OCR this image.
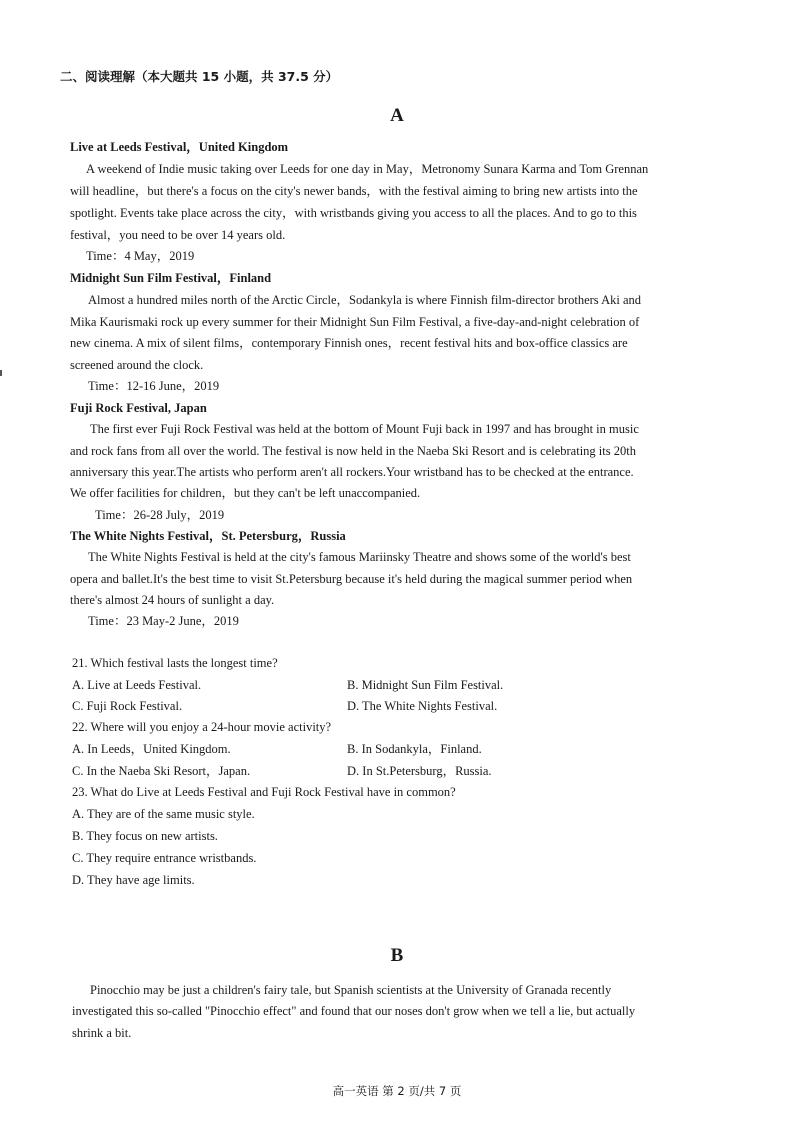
二、阅读理解（本大题共 15 小题，共 37.5 分）
A
Live at Leeds Festival，United Kingdom
A weekend of Indie music taking over Leeds for one day in May，Metronomy Sunara Karma and Tom Grennan
will headline，but there's a focus on the city's newer bands，with the festival aiming to bring new artists into the
spotlight. Events take place across the city，with wristbands giving you access to all the places. And to go to this
festival，you need to be over 14 years old.
Time：4 May，2019
Midnight Sun Film Festival，Finland
Almost a hundred miles north of the Arctic Circle，Sodankyla is where Finnish film-director brothers Aki and
Mika Kaurismaki rock up every summer for their Midnight Sun Film Festival, a five-day-and-night celebration of
new cinema. A mix of silent films，contemporary Finnish ones，recent festival hits and box-office classics are
screened around the clock.
Time：12-16 June，2019
Fuji Rock Festival, Japan
The first ever Fuji Rock Festival was held at the bottom of Mount Fuji back in 1997 and has brought in music
and rock fans from all over the world. The festival is now held in the Naeba Ski Resort and is celebrating its 20th
anniversary this year.The artists who perform aren't all rockers.Your wristband has to be checked at the entrance.
We offer facilities for children，but they can't be left unaccompanied.
Time：26-28 July，2019
The White Nights Festival，St. Petersburg，Russia
The White Nights Festival is held at the city's famous Mariinsky Theatre and shows some of the world's best
opera and ballet.It's the best time to visit St.Petersburg because it's held during the magical summer period when
there's almost 24 hours of sunlight a day.
Time：23 May-2 June，2019
21. Which festival lasts the longest time?
A. Live at Leeds Festival.	B. Midnight Sun Film Festival.
C. Fuji Rock Festival.	D. The White Nights Festival.
22. Where will you enjoy a 24-hour movie activity?
A. In Leeds，United Kingdom.	B. In Sodankyla，Finland.
C. In the Naeba Ski Resort，Japan.	D. In St.Petersburg，Russia.
23. What do Live at Leeds Festival and Fuji Rock Festival have in common?
A. They are of the same music style.
B. They focus on new artists.
C. They require entrance wristbands.
D. They have age limits.
B
Pinocchio may be just a children's fairy tale, but Spanish scientists at the University of Granada recently
investigated this so-called "Pinocchio effect" and found that our noses don't grow when we tell a lie, but actually
shrink a bit.
高一英语 第 2 页/共 7 页
